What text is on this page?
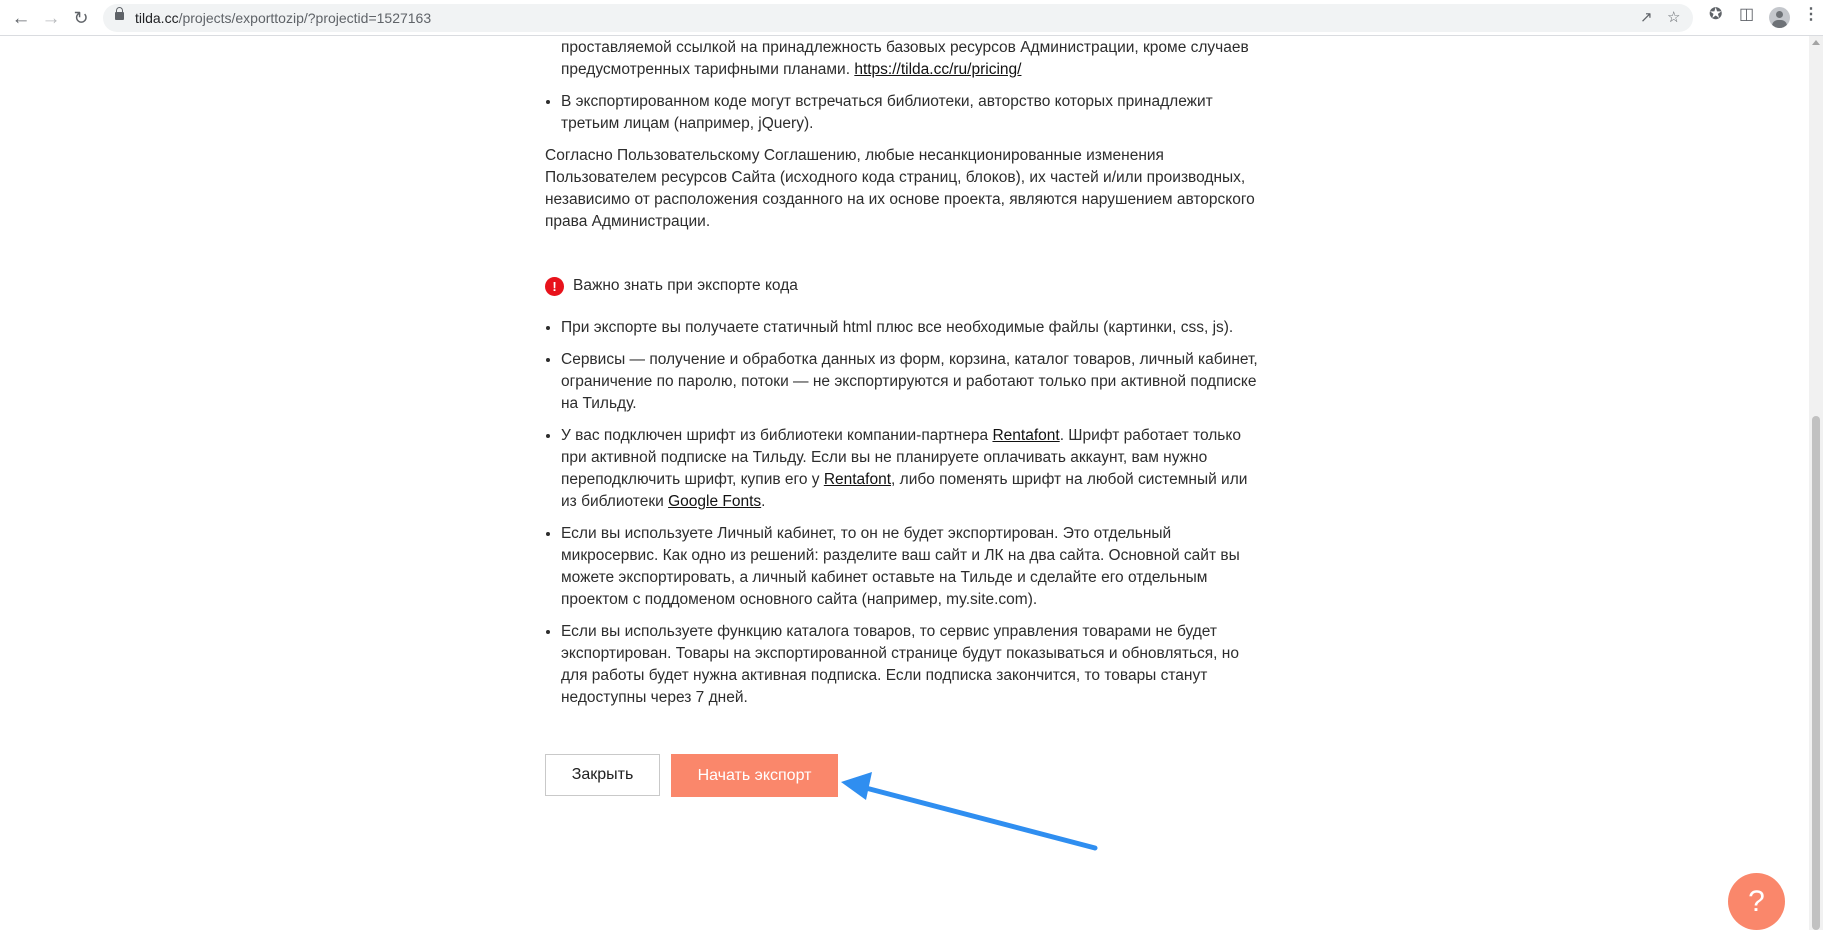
← → ↻	tilda.cc/projects/exporttozip/?projectid=1527163	↗ ☆ ✪ ◫	⋮
проставляемой ссылкой на принадлежность базовых ресурсов Администрации, кроме случаев
предусмотренных тарифными планами. https://tilda.cc/ru/pricing/
• В экспортированном коде могут встречаться библиотеки, авторство которых принадлежит третьим лицам (например, jQuery).

Согласно Пользовательскому Соглашению, любые несанкционированные изменения Пользователем ресурсов Сайта (исходного кода страниц, блоков), их частей и/или производных, независимо от расположения созданного на их основе проекта, являются нарушением авторского права Администрации.

!	Важно знать при экспорте кода
• При экспорте вы получаете статичный html плюс все необходимые файлы (картинки, css, js).
• Сервисы — получение и обработка данных из форм, корзина, каталог товаров, личный кабинет, ограничение по паролю, потоки — не экспортируются и работают только при активной подписке на Тильду.
• У вас подключен шрифт из библиотеки компании-партнера Rentafont. Шрифт работает только при активной подписке на Тильду. Если вы не планируете оплачивать аккаунт, вам нужно переподключить шрифт, купив его у Rentafont, либо поменять шрифт на любой системный или из библиотеки Google Fonts.
• Если вы используете Личный кабинет, то он не будет экспортирован. Это отдельный микросервис. Как одно из решений: разделите ваш сайт и ЛК на два сайта. Основной сайт вы можете экспортировать, а личный кабинет оставьте на Тильде и сделайте его отдельным проектом с поддоменом основного сайта (например, my.site.com).
• Если вы используете функцию каталога товаров, то сервис управления товарами не будет экспортирован. Товары на экспортированной странице будут показываться и обновляться, но для работы будет нужна активная подписка. Если подписка закончится, то товары станут недоступны через 7 дней.
Закрыть	Начать экспорт
?
